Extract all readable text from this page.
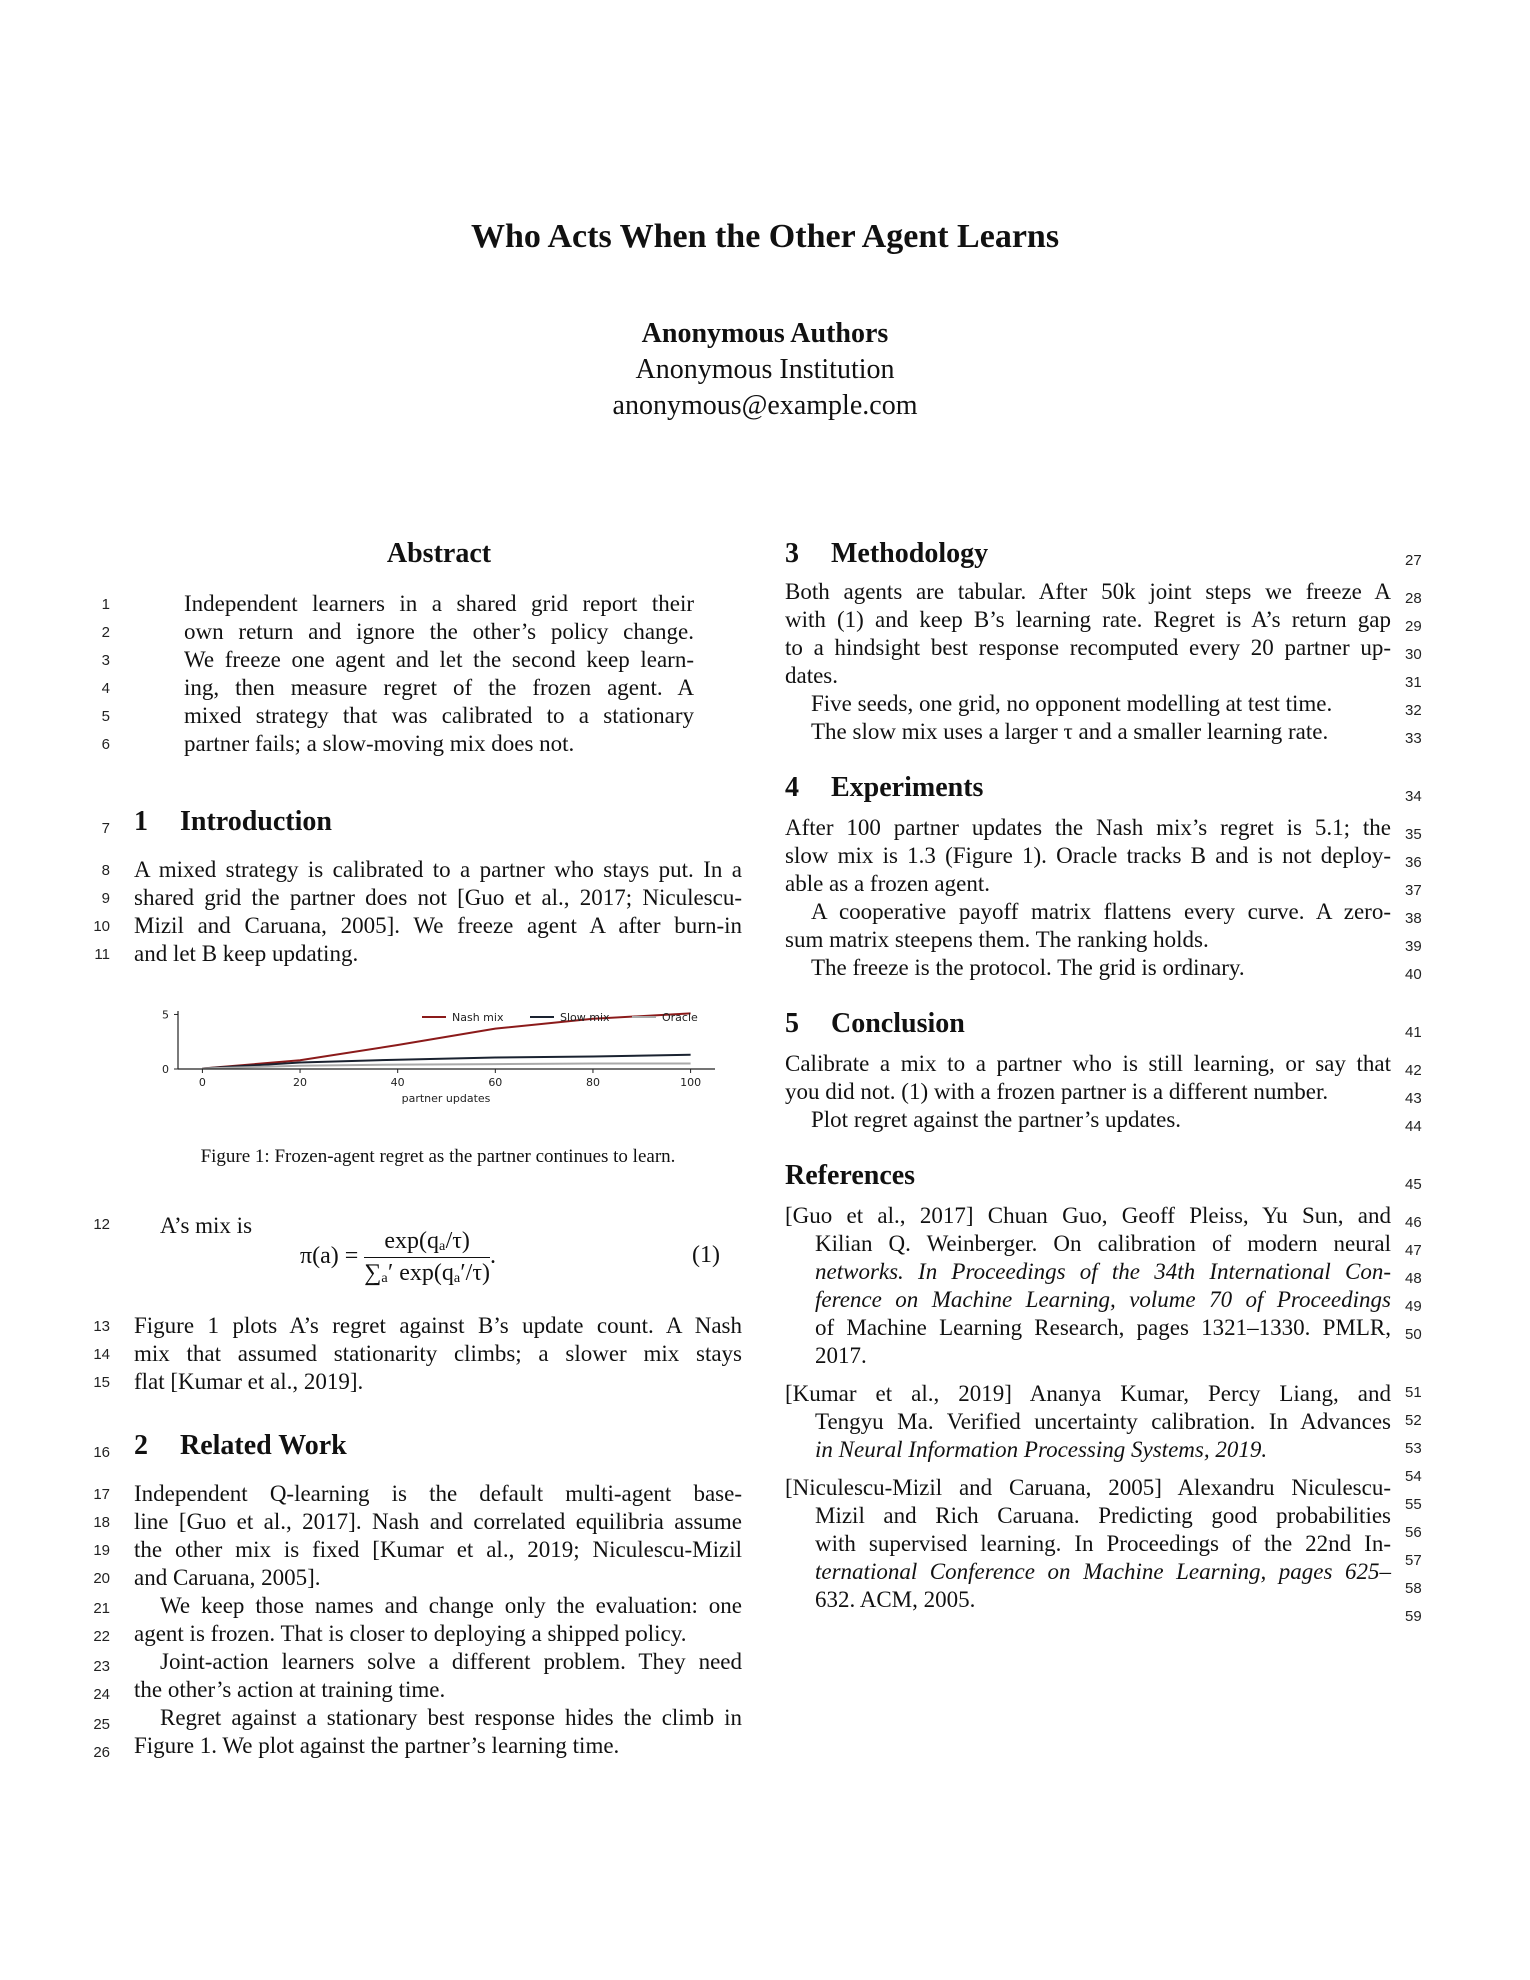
Who Acts When the Other Agent Learns
Anonymous Authors
Anonymous Institution
anonymous@example.com
1
2
3
4
5
6
7
8
9
10
11
12
13
14
15
16
17
18
19
20
21
22
23
24
25
26
27
28
29
30
31
32
33
34
35
36
37
38
39
40
41
42
43
44
45
46
47
48
49
50
51
52
53
54
55
56
57
58
59
Abstract
Independent learners in a shared grid report their
own return and ignore the other’s policy change.
We freeze one agent and let the second keep learn-
ing, then measure regret of the frozen agent. A
mixed strategy that was calibrated to a stationary
partner fails; a slow-moving mix does not.
1 Introduction
A mixed strategy is calibrated to a partner who stays put. In a
shared grid the partner does not [Guo et al., 2017; Niculescu-
Mizil and Caruana, 2005]. We freeze agent A after burn-in
and let B keep updating.
0	20	40	60	80	100
0
5
partner updates
Nash mix	Slow mix	Oracle
Figure 1: Frozen-agent regret as the partner continues to learn.
A’s mix is
$\pi(a) = \frac{\text{exp(qₐ/τ)}}{\text{∑ₐ′ exp(qₐ′/τ)}}$ .	(1)
Figure 1 plots A’s regret against B’s update count. A Nash
mix that assumed stationarity climbs; a slower mix stays
flat [Kumar et al., 2019].
2 Related Work
Independent Q-learning is the default multi-agent base-
line [Guo et al., 2017]. Nash and correlated equilibria assume
the other mix is fixed [Kumar et al., 2019; Niculescu-Mizil
and Caruana, 2005].
We keep those names and change only the evaluation: one
agent is frozen. That is closer to deploying a shipped policy.
Joint-action learners solve a different problem. They need
the other’s action at training time.
Regret against a stationary best response hides the climb in
Figure 1. We plot against the partner’s learning time.
3 Methodology
Both agents are tabular. After 50k joint steps we freeze A
with (1) and keep B’s learning rate. Regret is A’s return gap
to a hindsight best response recomputed every 20 partner up-
dates.
Five seeds, one grid, no opponent modelling at test time.
The slow mix uses a larger τ and a smaller learning rate.
4 Experiments
After 100 partner updates the Nash mix’s regret is 5.1; the
slow mix is 1.3 (Figure 1). Oracle tracks B and is not deploy-
able as a frozen agent.
A cooperative payoff matrix flattens every curve. A zero-
sum matrix steepens them. The ranking holds.
The freeze is the protocol. The grid is ordinary.
5 Conclusion
Calibrate a mix to a partner who is still learning, or say that
you did not. (1) with a frozen partner is a different number.
Plot regret against the partner’s updates.
References
[Guo et al., 2017] Chuan Guo, Geoff Pleiss, Yu Sun, and
Kilian Q. Weinberger. On calibration of modern neural
networks. In Proceedings of the 34th International Con-
ference on Machine Learning, volume 70 of Proceedings
of Machine Learning Research, pages 1321–1330. PMLR,
2017.
[Kumar et al., 2019] Ananya Kumar, Percy Liang, and
Tengyu Ma. Verified uncertainty calibration. In Advances
in Neural Information Processing Systems, 2019.
[Niculescu-Mizil and Caruana, 2005] Alexandru Niculescu-
Mizil and Rich Caruana. Predicting good probabilities
with supervised learning. In Proceedings of the 22nd In-
ternational Conference on Machine Learning, pages 625–
632. ACM, 2005.
